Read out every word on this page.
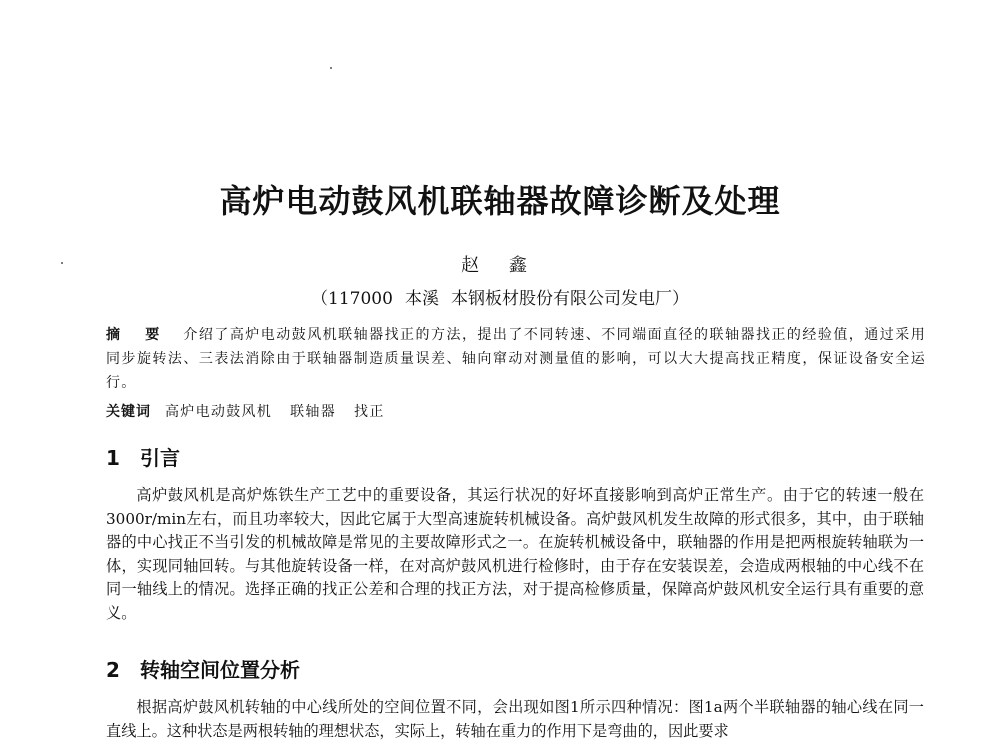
高炉电动鼓风机联轴器故障诊断及处理

赵 鑫

（117000 本溪 本钢板材股份有限公司发电厂）

摘 要 介绍了高炉电动鼓风机联轴器找正的方法，提出了不同转速、不同端面直径的联轴器找正的经验值，通过采用同步旋转法、三表法消除由于联轴器制造质量误差、轴向窜动对测量值的影响，可以大大提高找正精度，保证设备安全运行。

关键词 高炉电动鼓风机 联轴器 找正

1 引言

高炉鼓风机是高炉炼铁生产工艺中的重要设备，其运行状况的好坏直接影响到高炉正常生产。由于它的转速一般在3000r/min左右，而且功率较大，因此它属于大型高速旋转机械设备。高炉鼓风机发生故障的形式很多，其中，由于联轴器的中心找正不当引发的机械故障是常见的主要故障形式之一。在旋转机械设备中，联轴器的作用是把两根旋转轴联为一体，实现同轴回转。与其他旋转设备一样，在对高炉鼓风机进行检修时，由于存在安装误差，会造成两根轴的中心线不在同一轴线上的情况。选择正确的找正公差和合理的找正方法，对于提高检修质量，保障高炉鼓风机安全运行具有重要的意义。

2 转轴空间位置分析

根据高炉鼓风机转轴的中心线所处的空间位置不同，会出现如图1所示四种情况：图1a两个半联轴器的轴心线在同一直线上。这种状态是两根转轴的理想状态，实际上，转轴在重力的作用下是弯曲的，因此要求
